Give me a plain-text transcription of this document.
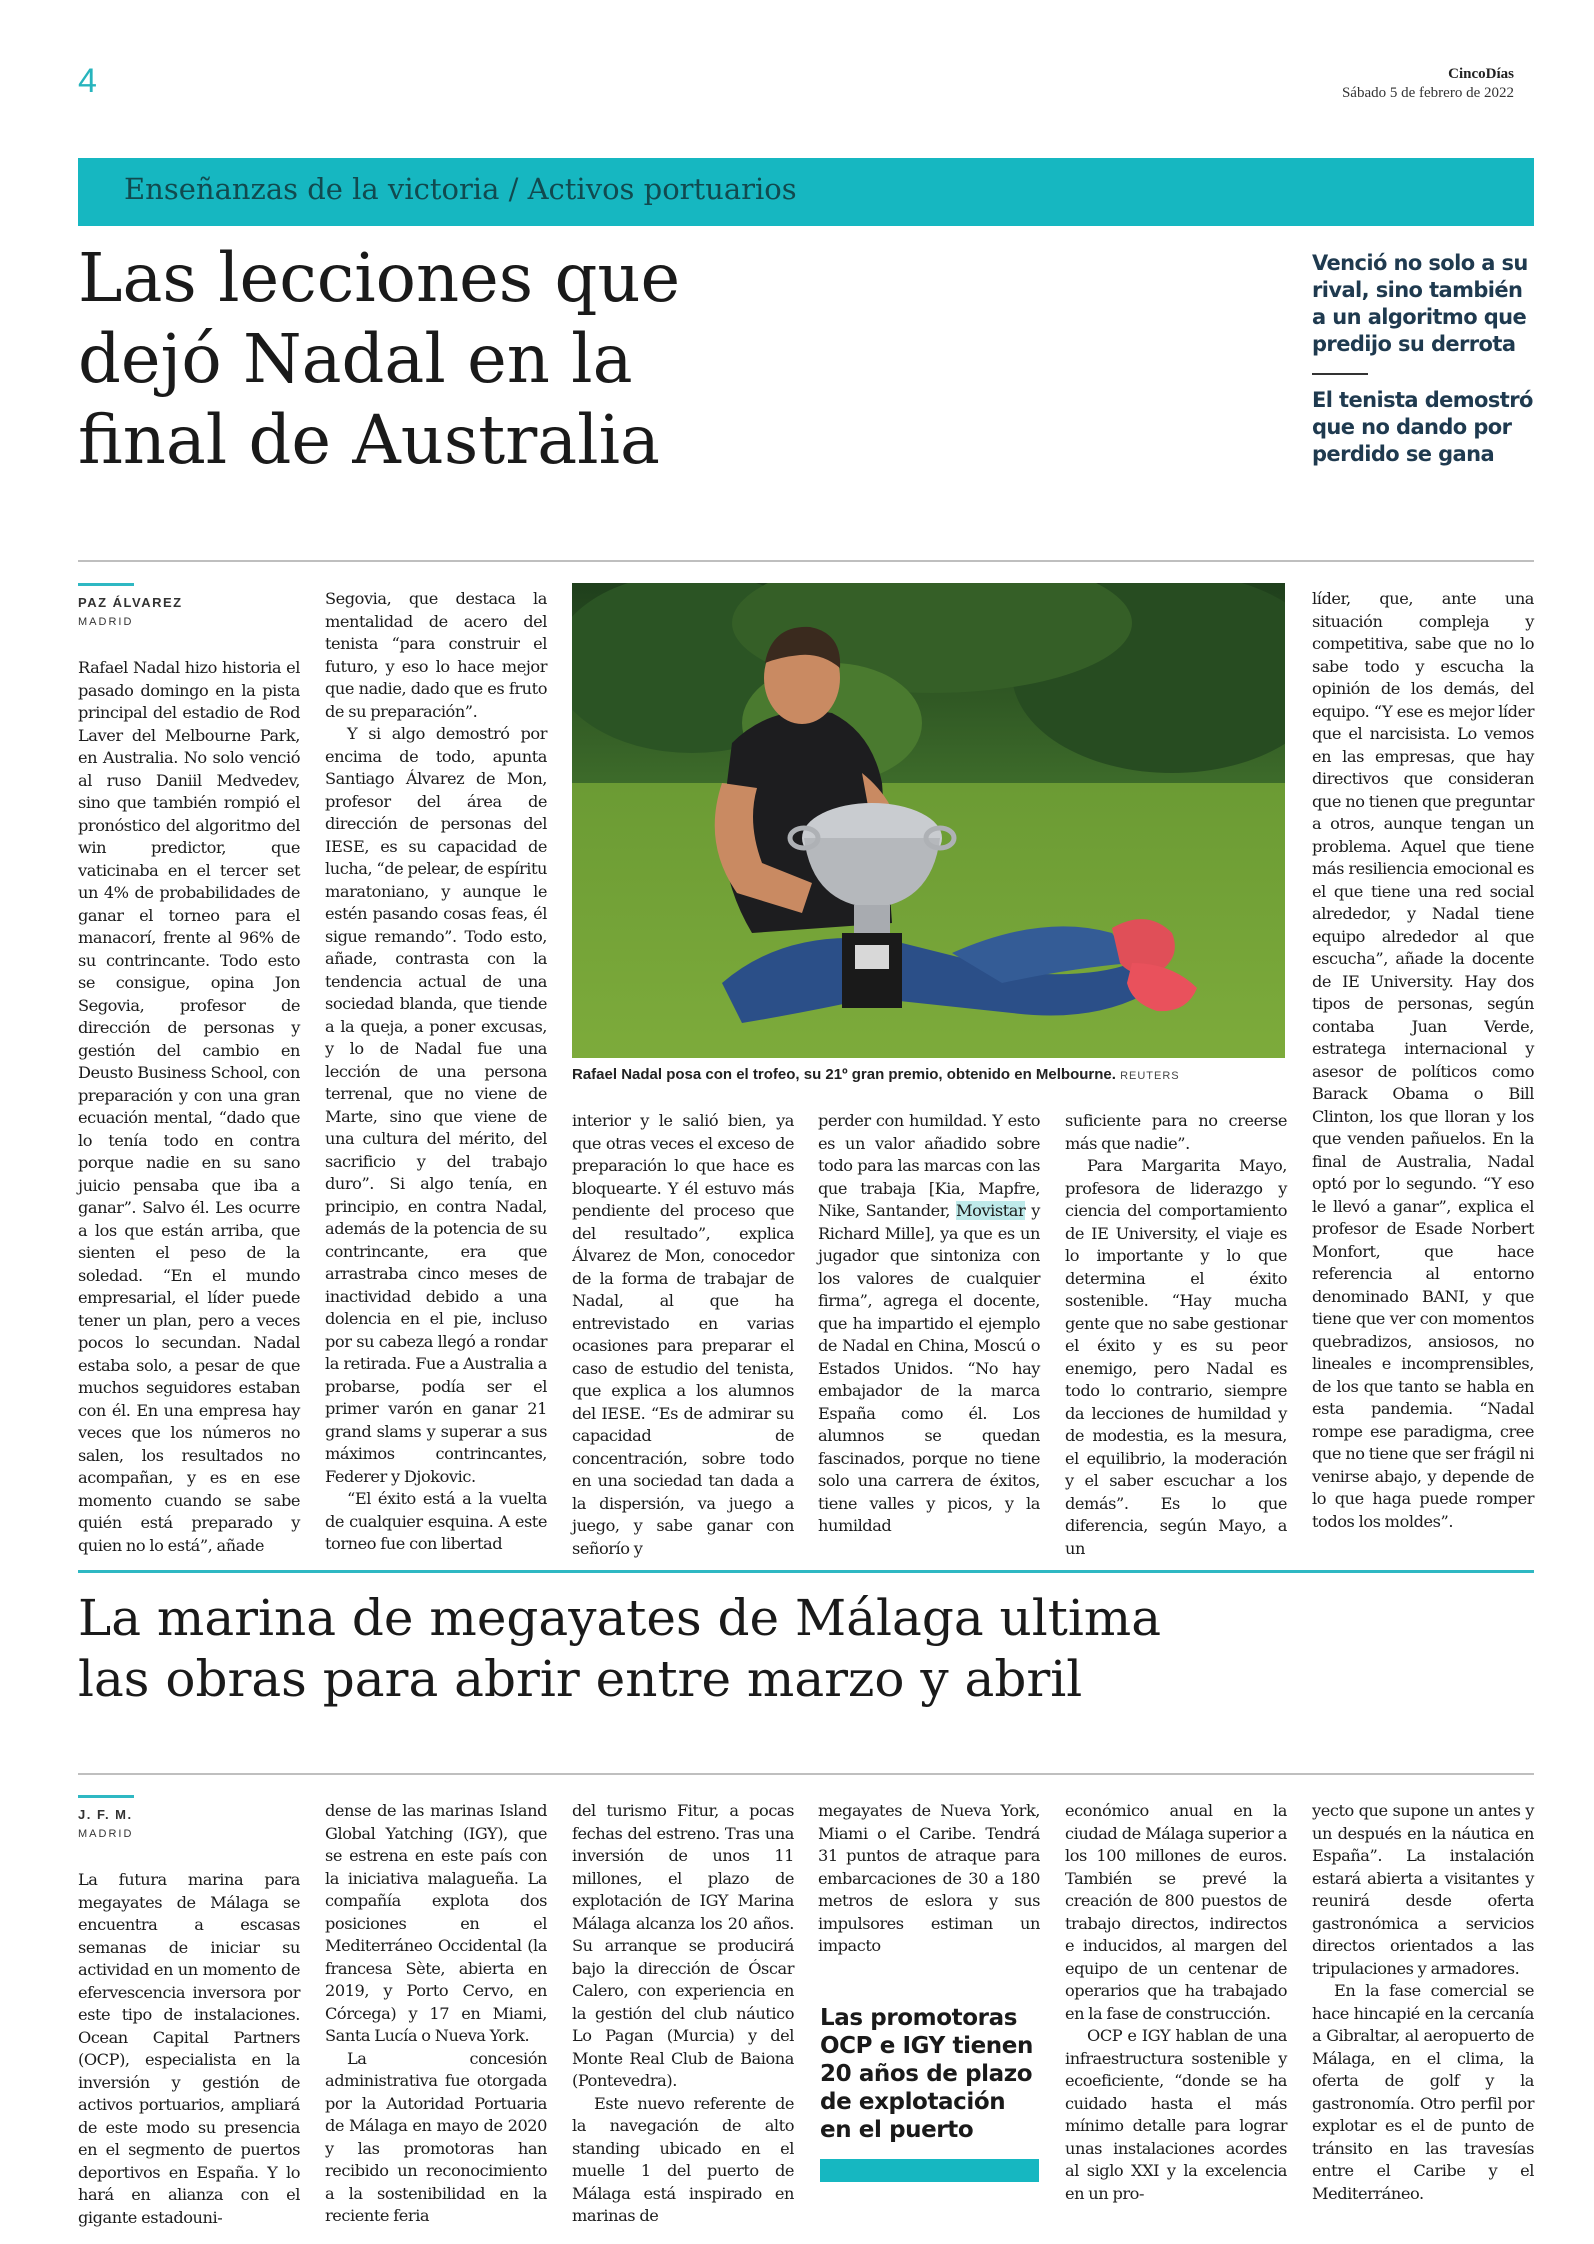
4	CincoDías
Sábado 5 de febrero de 2022
Enseñanzas de la victoria / Activos portuarios
Las lecciones que
dejó Nadal en la
final de Australia
Venció no solo a su rival, sino también a un algoritmo que predijo su derrota
El tenista demostró que no dando por perdido se gana
PAZ ÁLVAREZ
MADRID

Rafael Nadal hizo historia el pasado domingo en la pista principal del estadio de Rod Laver del Melbourne Park, en Australia. No solo venció al ruso Daniil Medvedev, sino que también rompió el pronóstico del algoritmo del win predictor, que vaticinaba en el tercer set un 4% de probabilidades de ganar el torneo para el manacorí, frente al 96% de su contrincante. Todo esto se consigue, opina Jon Segovia, profesor de dirección de personas y gestión del cambio en Deusto Business School, con preparación y con una gran ecuación mental, “dado que lo tenía todo en contra porque nadie en su sano juicio pensaba que iba a ganar”. Salvo él. Les ocurre a los que están arriba, que sienten el peso de la soledad. “En el mundo empresarial, el líder puede tener un plan, pero a veces pocos lo secundan. Nadal estaba solo, a pesar de que muchos seguidores estaban con él. En una empresa hay veces que los números no salen, los resultados no acompañan, y es en ese momento cuando se sabe quién está preparado y quien no lo está”, añade

Segovia, que destaca la mentalidad de acero del tenista “para construir el futuro, y eso lo hace mejor que nadie, dado que es fruto de su preparación”.

Y si algo demostró por encima de todo, apunta Santiago Álvarez de Mon, profesor del área de dirección de personas del IESE, es su capacidad de lucha, “de pelear, de espíritu maratoniano, y aunque le estén pasando cosas feas, él sigue remando”. Todo esto, añade, contrasta con la tendencia actual de una sociedad blanda, que tiende a la queja, a poner excusas, y lo de Nadal fue una lección de una persona terrenal, que no viene de Marte, sino que viene de una cultura del mérito, del sacrificio y del trabajo duro”. Si algo tenía, en principio, en contra Nadal, además de la potencia de su contrincante, era que arrastraba cinco meses de inactividad debido a una dolencia en el pie, incluso por su cabeza llegó a rondar la retirada. Fue a Australia a probarse, podía ser el primer varón en ganar 21 grand slams y superar a sus máximos contrincantes, Federer y Djokovic.

“El éxito está a la vuelta de cualquier esquina. A este torneo fue con libertad

Rafael Nadal posa con el trofeo, su 21º gran premio, obtenido en Melbourne. REUTERS

interior y le salió bien, ya que otras veces el exceso de preparación lo que hace es bloquearte. Y él estuvo más pendiente del proceso que del resultado”, explica Álvarez de Mon, conocedor de la forma de trabajar de Nadal, al que ha entrevistado en varias ocasiones para preparar el caso de estudio del tenista, que explica a los alumnos del IESE. “Es de admirar su capacidad de concentración, sobre todo en una sociedad tan dada a la dispersión, va juego a juego, y sabe ganar con señorío y

perder con humildad. Y esto es un valor añadido sobre todo para las marcas con las que trabaja [Kia, Mapfre, Nike, Santander, Movistar y Richard Mille], ya que es un jugador que sintoniza con los valores de cualquier firma”, agrega el docente, que ha impartido el ejemplo de Nadal en China, Moscú o Estados Unidos. “No hay embajador de la marca España como él. Los alumnos se quedan fascinados, porque no tiene solo una carrera de éxitos, tiene valles y picos, y la humildad

suficiente para no creerse más que nadie”.

Para Margarita Mayo, profesora de liderazgo y ciencia del comportamiento de IE University, el viaje es lo importante y lo que determina el éxito sostenible. “Hay mucha gente que no sabe gestionar el éxito y es su peor enemigo, pero Nadal es todo lo contrario, siempre da lecciones de humildad y de modestia, es la mesura, el equilibrio, la moderación y el saber escuchar a los demás”. Es lo que diferencia, según Mayo, a un

líder, que, ante una situación compleja y competitiva, sabe que no lo sabe todo y escucha la opinión de los demás, del equipo. “Y ese es mejor líder que el narcisista. Lo vemos en las empresas, que hay directivos que consideran que no tienen que preguntar a otros, aunque tengan un problema. Aquel que tiene más resiliencia emocional es el que tiene una red social alrededor, y Nadal tiene equipo alrededor al que escucha”, añade la docente de IE University. Hay dos tipos de personas, según contaba Juan Verde, estratega internacional y asesor de políticos como Barack Obama o Bill Clinton, los que lloran y los que venden pañuelos. En la final de Australia, Nadal optó por lo segundo. “Y eso le llevó a ganar”, explica el profesor de Esade Norbert Monfort, que hace referencia al entorno denominado BANI, y que tiene que ver con momentos quebradizos, ansiosos, no lineales e incomprensibles, de los que tanto se habla en esta pandemia. “Nadal rompe ese paradigma, cree que no tiene que ser frágil ni venirse abajo, y depende de lo que haga puede romper todos los moldes”.

La marina de megayates de Málaga ultima
las obras para abrir entre marzo y abril
J. F. M.
MADRID

La futura marina para megayates de Málaga se encuentra a escasas semanas de iniciar su actividad en un momento de efervescencia inversora por este tipo de instalaciones. Ocean Capital Partners (OCP), especialista en la inversión y gestión de activos portuarios, ampliará de este modo su presencia en el segmento de puertos deportivos en España. Y lo hará en alianza con el gigante estadouni-

dense de las marinas Island Global Yatching (IGY), que se estrena en este país con la iniciativa malagueña. La compañía explota dos posiciones en el Mediterráneo Occidental (la francesa Sète, abierta en 2019, y Porto Cervo, en Córcega) y 17 en Miami, Santa Lucía o Nueva York.

La concesión administrativa fue otorgada por la Autoridad Portuaria de Málaga en mayo de 2020 y las promotoras han recibido un reconocimiento a la sostenibilidad en la reciente feria

del turismo Fitur, a pocas fechas del estreno. Tras una inversión de unos 11 millones, el plazo de explotación de IGY Marina Málaga alcanza los 20 años. Su arranque se producirá bajo la dirección de Óscar Calero, con experiencia en la gestión del club náutico Lo Pagan (Murcia) y del Monte Real Club de Baiona (Pontevedra).

Este nuevo referente de la navegación de alto standing ubicado en el muelle 1 del puerto de Málaga está inspirado en marinas de

megayates de Nueva York, Miami o el Caribe. Tendrá 31 puntos de atraque para embarcaciones de 30 a 180 metros de eslora y sus impulsores estiman un impacto

Las promotoras OCP e IGY tienen 20 años de plazo de explotación en el puerto

económico anual en la ciudad de Málaga superior a los 100 millones de euros. También se prevé la creación de 800 puestos de trabajo directos, indirectos e inducidos, al margen del equipo de un centenar de operarios que ha trabajado en la fase de construcción.

OCP e IGY hablan de una infraestructura sostenible y ecoeficiente, “donde se ha cuidado hasta el más mínimo detalle para lograr unas instalaciones acordes al siglo XXI y la excelencia en un pro-

yecto que supone un antes y un después en la náutica en España”. La instalación estará abierta a visitantes y reunirá desde oferta gastronómica a servicios directos orientados a las tripulaciones y armadores.

En la fase comercial se hace hincapié en la cercanía a Gibraltar, al aeropuerto de Málaga, en el clima, la oferta de golf y la gastronomía. Otro perfil por explotar es el de punto de tránsito en las travesías entre el Caribe y el Mediterráneo.
